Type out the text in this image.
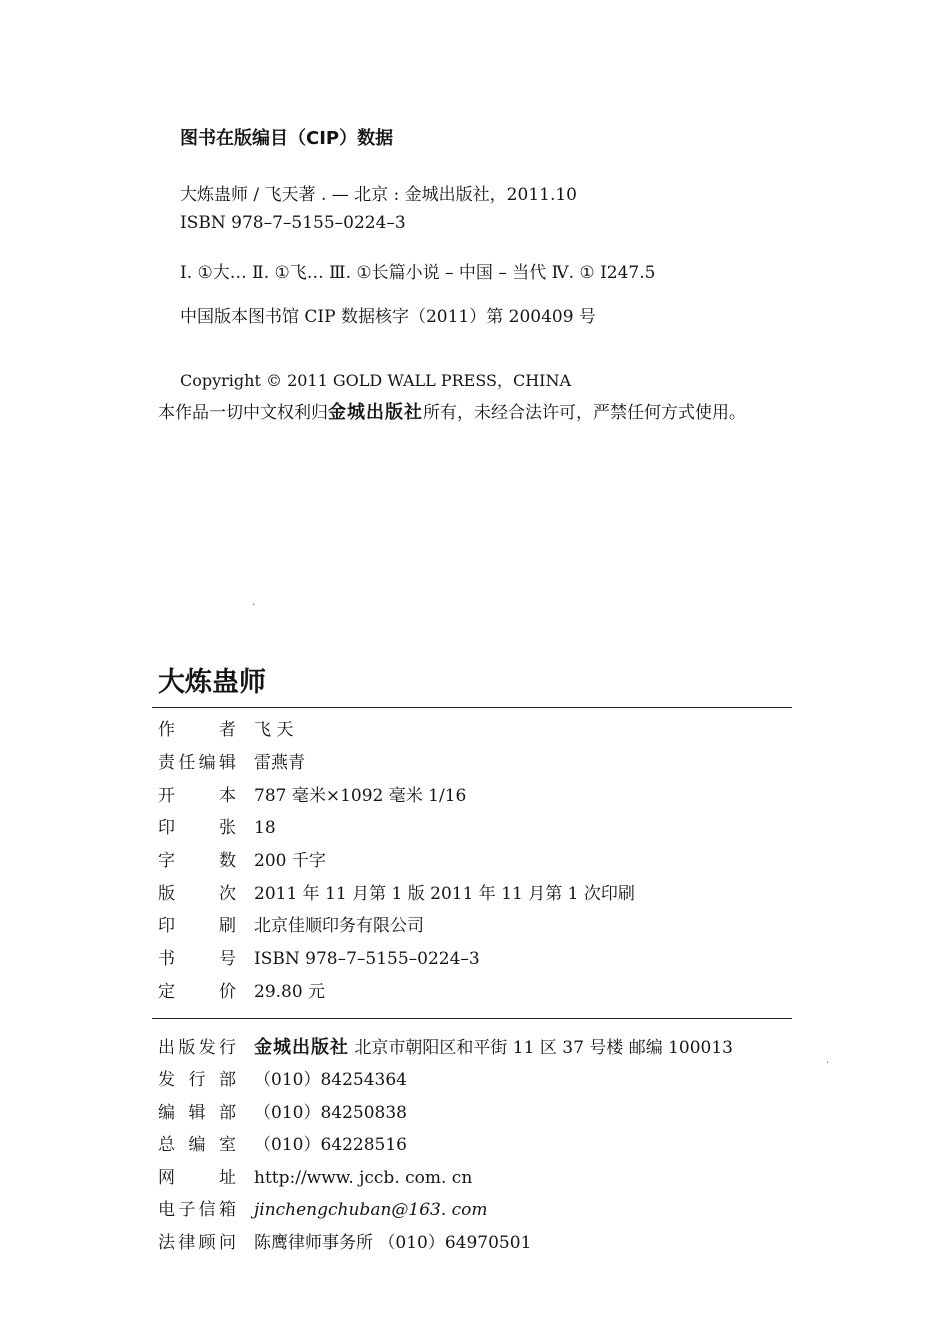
图书在版编目（CIP）数据
大炼蛊师 / 飞天著 . — 北京 : 金城出版社，2011.10
ISBN 978–7–5155–0224–3
Ⅰ. ①大… Ⅱ. ①飞… Ⅲ. ①长篇小说 – 中国 – 当代 Ⅳ. ① I247.5
中国版本图书馆 CIP 数据核字（2011）第 200409 号
Copyright © 2011 GOLD WALL PRESS，CHINA
本作品一切中文权利归金城出版社所有，未经合法许可，严禁任何方式使用。
·
大炼蛊师
作者 飞 天
责任编辑 雷燕青
开本 787 毫米×1092 毫米 1/16
印张 18
字数 200 千字
版次 2011 年 11 月第 1 版 2011 年 11 月第 1 次印刷
印刷 北京佳顺印务有限公司
书号 ISBN 978–7–5155–0224–3
定价 29.80 元
出版发行 金城出版社 北京市朝阳区和平街 11 区 37 号楼 邮编 100013
发行部 （010）84254364
编辑部 （010）84250838
总编室 （010）64228516
网址 http://www. jccb. com. cn
电子信箱 jinchengchuban@163. com
法律顾问 陈鹰律师事务所 （010）64970501
·
